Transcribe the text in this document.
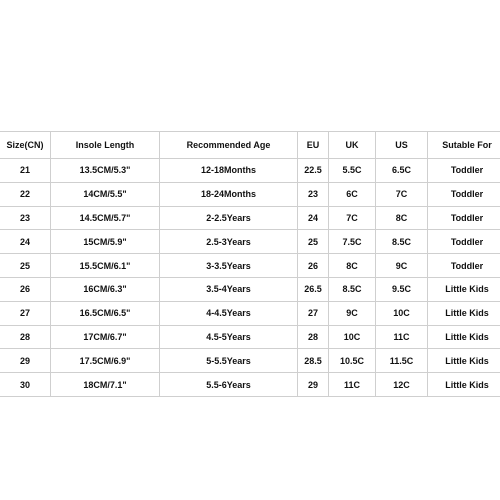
Size(CN)	Insole Length	Recommended Age	EU	UK	US	Sutable For
21	13.5CM/5.3"	12-18Months	22.5	5.5C	6.5C	Toddler
22	14CM/5.5"	18-24Months	23	6C	7C	Toddler
23	14.5CM/5.7"	2-2.5Years	24	7C	8C	Toddler
24	15CM/5.9"	2.5-3Years	25	7.5C	8.5C	Toddler
25	15.5CM/6.1"	3-3.5Years	26	8C	9C	Toddler
26	16CM/6.3"	3.5-4Years	26.5	8.5C	9.5C	Little Kids
27	16.5CM/6.5"	4-4.5Years	27	9C	10C	Little Kids
28	17CM/6.7"	4.5-5Years	28	10C	11C	Little Kids
29	17.5CM/6.9"	5-5.5Years	28.5	10.5C	11.5C	Little Kids
30	18CM/7.1"	5.5-6Years	29	11C	12C	Little Kids
